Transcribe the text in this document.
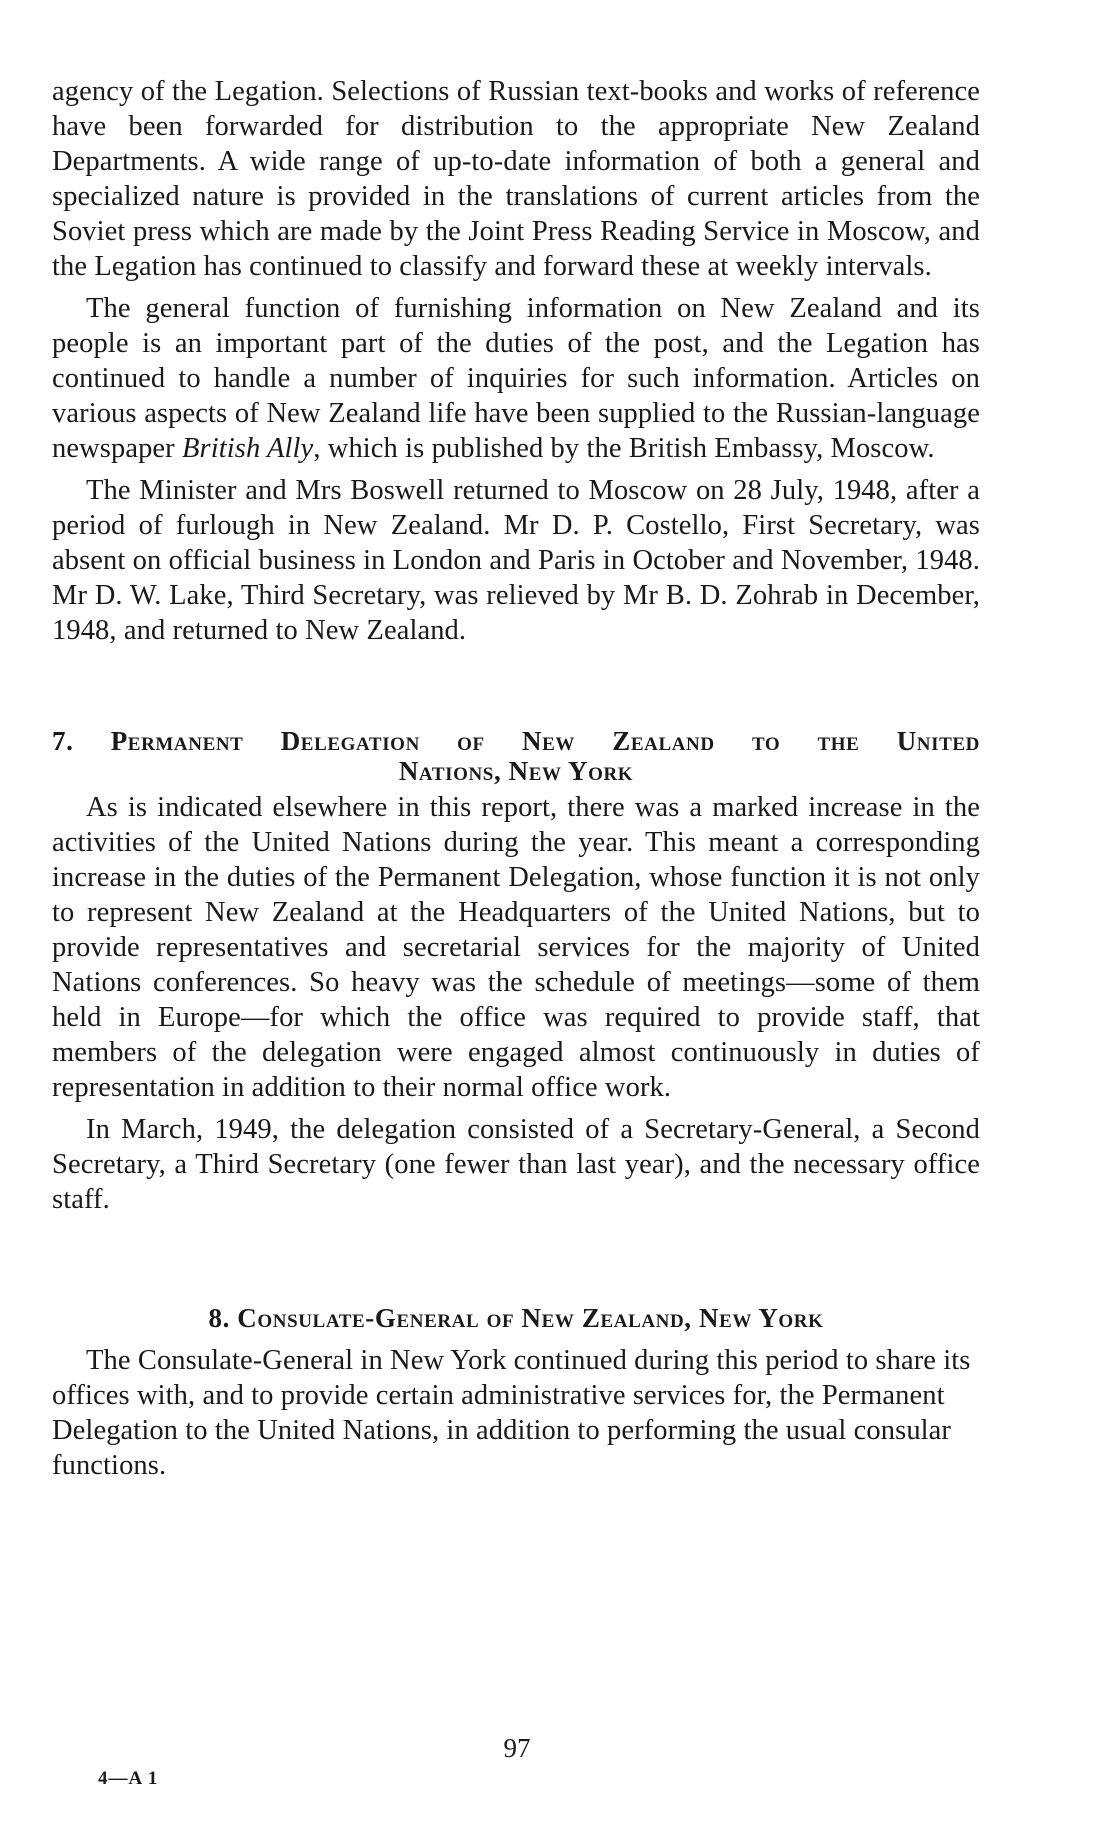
agency of the Legation. Selections of Russian text-books and works of reference have been forwarded for distribution to the appropriate New Zealand Departments. A wide range of up-to-date information of both a general and specialized nature is provided in the translations of current articles from the Soviet press which are made by the Joint Press Reading Service in Moscow, and the Legation has continued to classify and forward these at weekly intervals.

The general function of furnishing information on New Zealand and its people is an important part of the duties of the post, and the Legation has continued to handle a number of inquiries for such information. Articles on various aspects of New Zealand life have been supplied to the Russian-language newspaper British Ally, which is published by the British Embassy, Moscow.

The Minister and Mrs Boswell returned to Moscow on 28 July, 1948, after a period of furlough in New Zealand. Mr D. P. Costello, First Secretary, was absent on official business in London and Paris in October and November, 1948. Mr D. W. Lake, Third Secretary, was relieved by Mr B. D. Zohrab in December, 1948, and returned to New Zealand.

7. Permanent Delegation of New Zealand to the United
Nations, New York

As is indicated elsewhere in this report, there was a marked increase in the activities of the United Nations during the year. This meant a corresponding increase in the duties of the Permanent Delegation, whose function it is not only to represent New Zealand at the Headquarters of the United Nations, but to provide representatives and secretarial services for the majority of United Nations conferences. So heavy was the schedule of meetings—some of them held in Europe—for which the office was required to provide staff, that members of the delegation were engaged almost continuously in duties of representation in addition to their normal office work.

In March, 1949, the delegation consisted of a Secretary-General, a Second Secretary, a Third Secretary (one fewer than last year), and the necessary office staff.

8. Consulate-General of New Zealand, New York

The Consulate-General in New York continued during this period to share its offices with, and to provide certain administrative services for, the Permanent Delegation to the United Nations, in addition to performing the usual consular functions.

97
4—A 1
